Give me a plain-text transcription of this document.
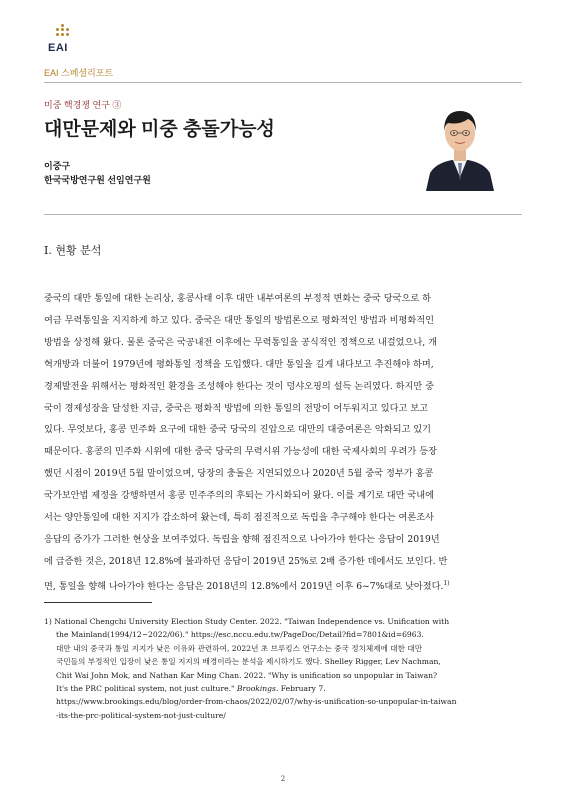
EAI
EAI 스페셜리포트
미중 핵경쟁 연구 ③
대만문제와 미중 충돌가능성
이중구
한국국방연구원 선임연구원
Ⅰ. 현황 분석
중국의 대만 통일에 대한 논리상, 홍콩사태 이후 대만 내부여론의 부정적 변화는 중국 당국으로 하
여금 무력통일을 지지하게 하고 있다. 중국은 대만 통일의 방법론으로 평화적인 방법과 비평화적인
방법을 상정해 왔다. 물론 중국은 국공내전 이후에는 무력통일을 공식적인 정책으로 내걸었으나, 개
혁개방과 더불어 1979년에 평화통일 정책을 도입했다. 대만 통일을 길게 내다보고 추진해야 하며,
경제발전을 위해서는 평화적인 환경을 조성해야 한다는 것이 덩샤오핑의 설득 논리였다. 하지만 중
국이 경제성장을 달성한 지금, 중국은 평화적 방법에 의한 통일의 전망이 어두워지고 있다고 보고
있다. 무엇보다, 홍콩 민주화 요구에 대한 중국 당국의 진압으로 대만의 대중여론은 악화되고 있기
때문이다. 홍콩의 민주화 시위에 대한 중국 당국의 무력시위 가능성에 대한 국제사회의 우려가 등장
했던 시점이 2019년 5월 말이었으며, 당장의 충돌은 지연되었으나 2020년 5월 중국 정부가 홍콩
국가보안법 제정을 강행하면서 홍콩 민주주의의 후퇴는 가시화되어 왔다. 이를 계기로 대만 국내에
서는 양안통일에 대한 지지가 감소하여 왔는데, 특히 점진적으로 독립을 추구해야 한다는 여론조사
응답의 증가가 그러한 현상을 보여주었다. 독립을 향해 점진적으로 나아가야 한다는 응답이 2019년
에 급증한 것은, 2018년 12.8%에 불과하던 응답이 2019년 25%로 2배 증가한 데에서도 보인다. 반
면, 통일을 향해 나아가야 한다는 응답은 2018년의 12.8%에서 2019년 이후 6~7%대로 낮아졌다.$^{1)}$
1) National Chengchi University Election Study Center. 2022. "Taiwan Independence vs. Unification with
the Mainland(1994/12~2022/06)." https://esc.nccu.edu.tw/PageDoc/Detail?fid=7801&id=6963.
대만 내의 중국과 통일 지지가 낮은 이유와 관련하여, 2022년 초 브루킹스 연구소는 중국 정치체제에 대한 대만
국민들의 부정적인 입장이 낮은 통일 지지의 배경이라는 분석을 제시하기도 했다. Shelley Rigger, Lev Nachman,
Chit Wai John Mok, and Nathan Kar Ming Chan. 2022. "Why is unification so unpopular in Taiwan?
It's the PRC political system, not just culture." Brookings. February 7.
https://www.brookings.edu/blog/order-from-chaos/2022/02/07/why-is-unification-so-unpopular-in-taiwan
-its-the-prc-political-system-not-just-culture/
2
